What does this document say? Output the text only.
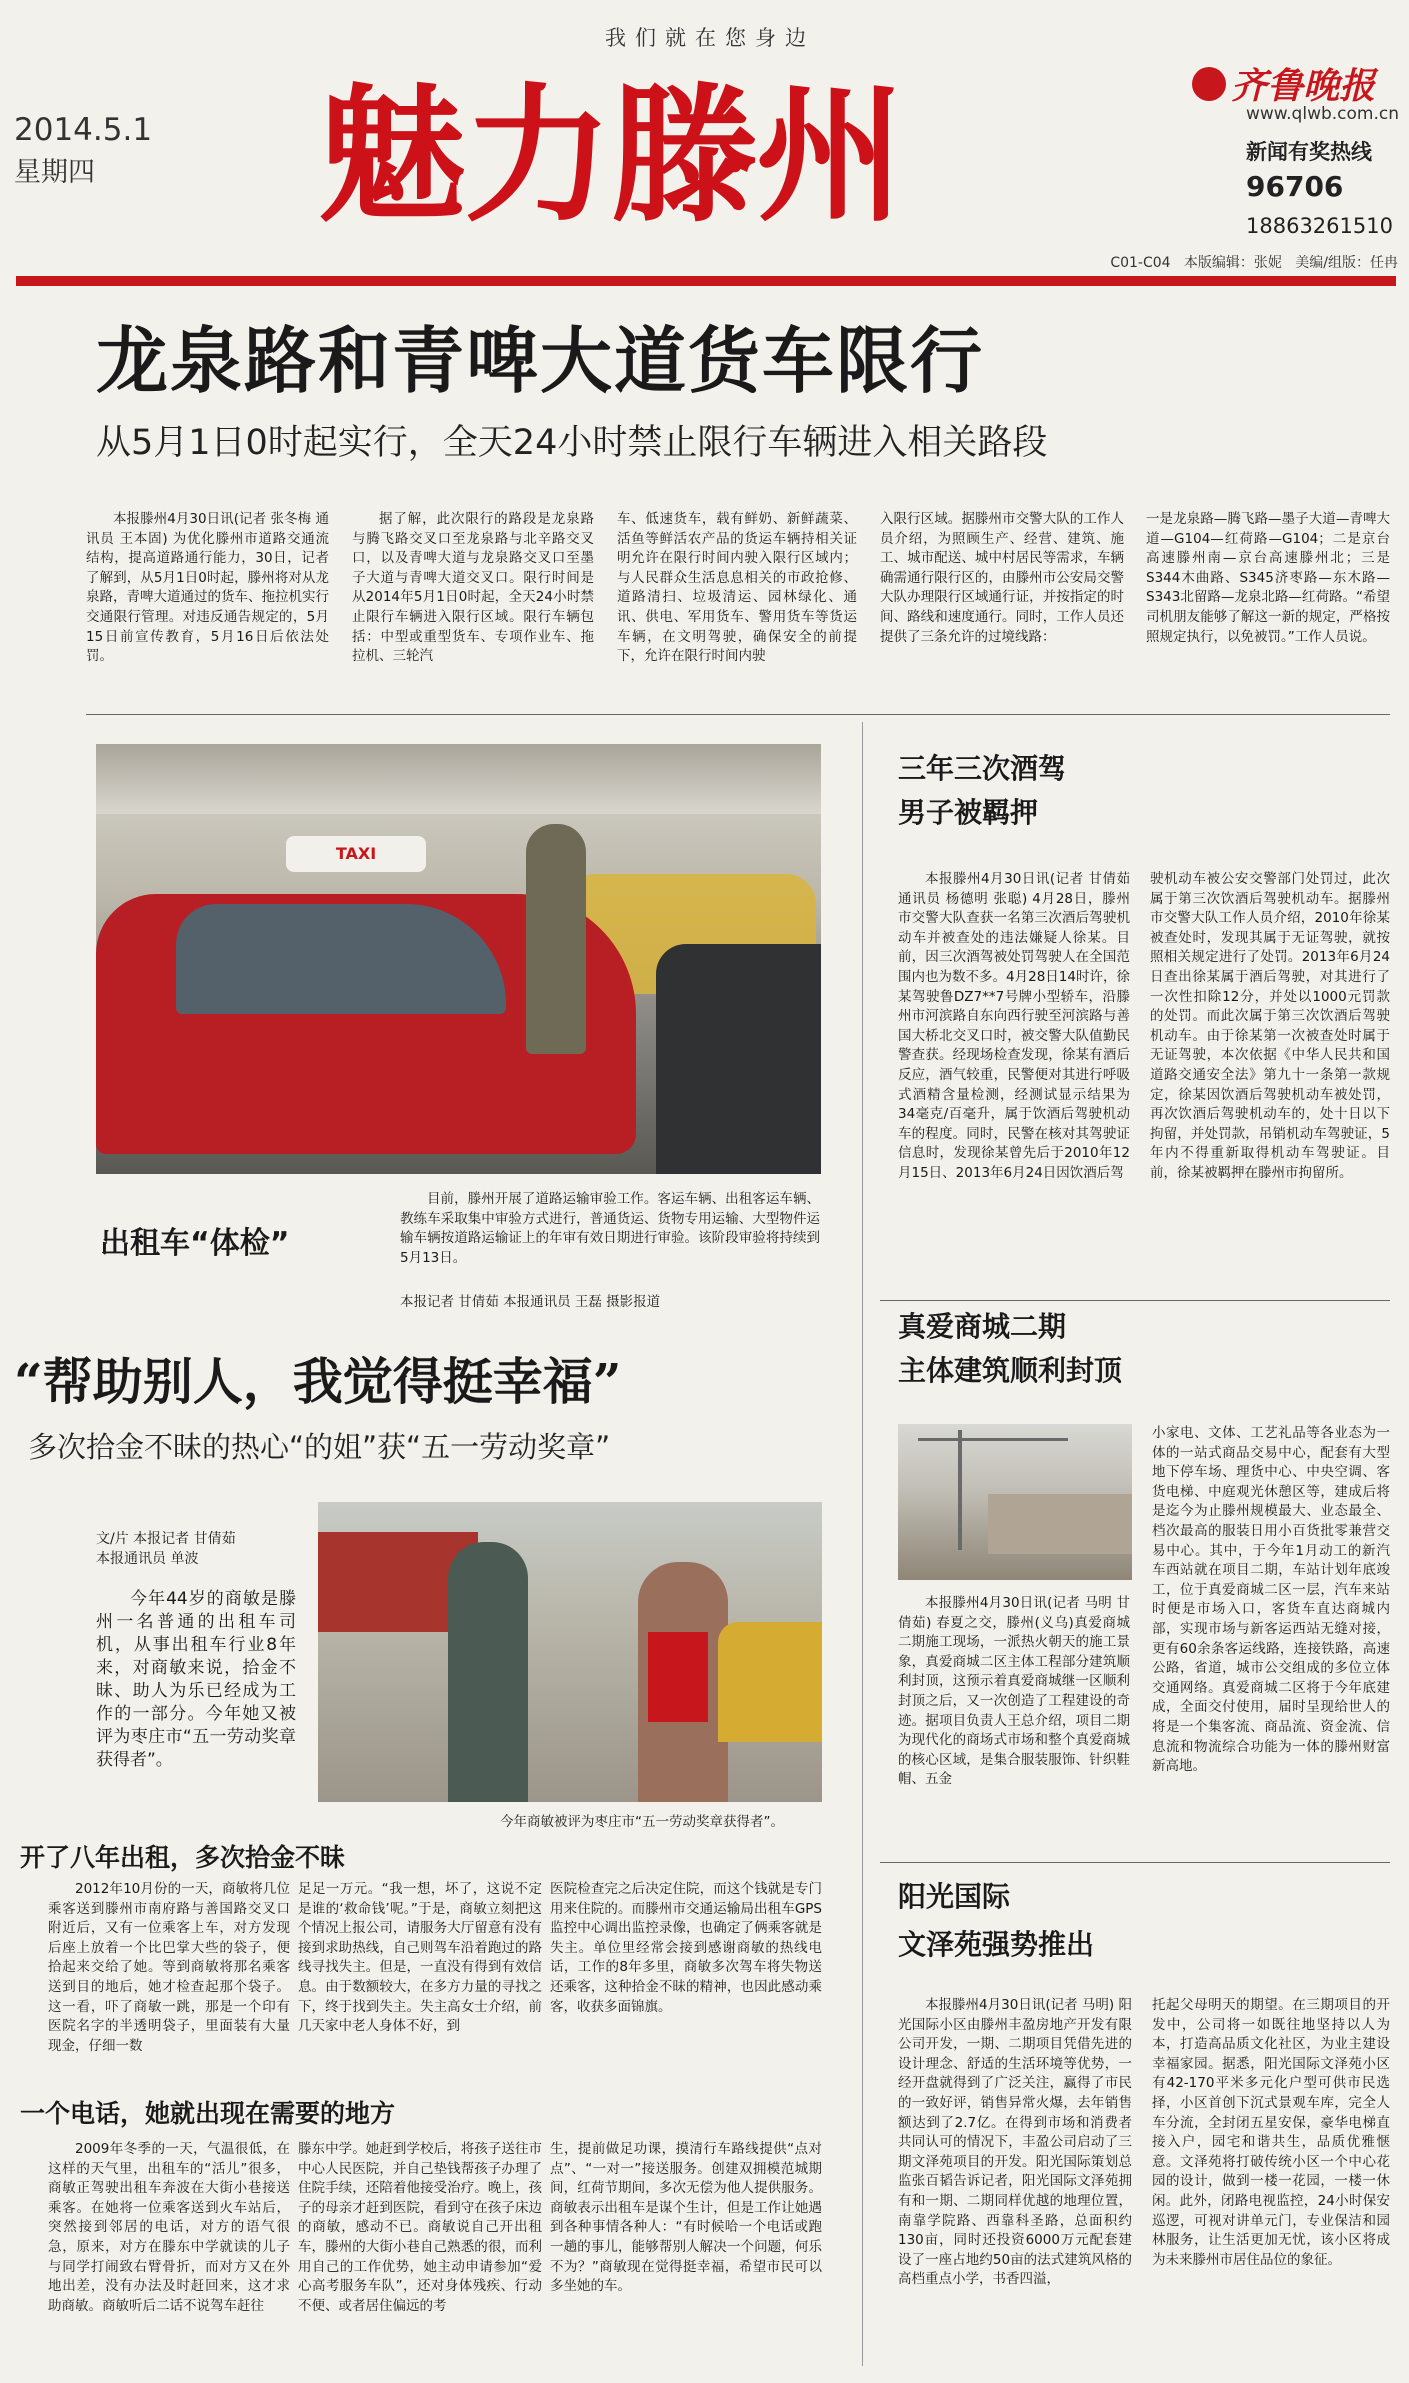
我们就在您身边
2014.5.1
星期四 魅力滕州	齐鲁晚报
www.qlwb.com.cn
新闻有奖热线
96706
18863261510
C01-C04   本版编辑：张妮   美编/组版：任冉
龙泉路和青啤大道货车限行
从5月1日0时起实行，全天24小时禁止限行车辆进入相关路段
本报滕州4月30日讯(记者 张冬梅 通讯员 王本固) 为优化滕州市道路交通流结构，提高道路通行能力，30日，记者了解到，从5月1日0时起，滕州将对从龙泉路，青啤大道通过的货车、拖拉机实行交通限行管理。对违反通告规定的，5月15日前宣传教育，5月16日后依法处罚。
据了解，此次限行的路段是龙泉路与腾飞路交叉口至龙泉路与北辛路交叉口，以及青啤大道与龙泉路交叉口至墨子大道与青啤大道交叉口。限行时间是从2014年5月1日0时起，全天24小时禁止限行车辆进入限行区域。限行车辆包括：中型或重型货车、专项作业车、拖拉机、三轮汽
车、低速货车，载有鲜奶、新鲜蔬菜、活鱼等鲜活农产品的货运车辆持相关证明允许在限行时间内驶入限行区域内；与人民群众生活息息相关的市政抢修、道路清扫、垃圾清运、园林绿化、通讯、供电、军用货车、警用货车等货运车辆，在文明驾驶，确保安全的前提下，允许在限行时间内驶
入限行区域。据滕州市交警大队的工作人员介绍，为照顾生产、经营、建筑、施工、城市配送、城中村居民等需求，车辆确需通行限行区的，由滕州市公安局交警大队办理限行区域通行证，并按指定的时间、路线和速度通行。同时，工作人员还提供了三条允许的过境线路：
一是龙泉路—腾飞路—墨子大道—青啤大道—G104—红荷路—G104；二是京台高速滕州南—京台高速滕州北；三是S344木曲路、S345济枣路—东木路—S343北留路—龙泉北路—红荷路。“希望司机朋友能够了解这一新的规定，严格按照规定执行，以免被罚。”工作人员说。
TAXI
出租车“体检”
目前，滕州开展了道路运输审验工作。客运车辆、出租客运车辆、教练车采取集中审验方式进行，普通货运、货物专用运输、大型物件运输车辆按道路运输证上的年审有效日期进行审验。该阶段审验将持续到5月13日。
本报记者 甘倩茹 本报通讯员 王磊 摄影报道
三年三次酒驾
男子被羁押
本报滕州4月30日讯(记者 甘倩茹 通讯员 杨德明 张聪) 4月28日，滕州市交警大队查获一名第三次酒后驾驶机动车并被查处的违法嫌疑人徐某。目前，因三次酒驾被处罚驾驶人在全国范围内也为数不多。4月28日14时许，徐某驾驶鲁DZ7**7号牌小型轿车，沿滕州市河滨路自东向西行驶至河滨路与善国大桥北交叉口时，被交警大队值勤民警查获。经现场检查发现，徐某有酒后反应，酒气较重，民警便对其进行呼吸式酒精含量检测，经测试显示结果为34毫克/百毫升，属于饮酒后驾驶机动车的程度。同时，民警在核对其驾驶证信息时，发现徐某曾先后于2010年12月15日、2013年6月24日因饮酒后驾
驶机动车被公安交警部门处罚过，此次属于第三次饮酒后驾驶机动车。据滕州市交警大队工作人员介绍，2010年徐某被查处时，发现其属于无证驾驶，就按照相关规定进行了处罚。2013年6月24日查出徐某属于酒后驾驶，对其进行了一次性扣除12分，并处以1000元罚款的处罚。而此次属于第三次饮酒后驾驶机动车。由于徐某第一次被查处时属于无证驾驶，本次依据《中华人民共和国道路交通安全法》第九十一条第一款规定，徐某因饮酒后驾驶机动车被处罚，再次饮酒后驾驶机动车的，处十日以下拘留，并处罚款，吊销机动车驾驶证，5年内不得重新取得机动车驾驶证。目前，徐某被羁押在滕州市拘留所。
“帮助别人，我觉得挺幸福”
多次拾金不昧的热心“的姐”获“五一劳动奖章”
文/片 本报记者 甘倩茹
本报通讯员 单波
今年44岁的商敏是滕州一名普通的出租车司机，从事出租车行业8年来，对商敏来说，拾金不昧、助人为乐已经成为工作的一部分。今年她又被评为枣庄市“五一劳动奖章获得者”。
今年商敏被评为枣庄市“五一劳动奖章获得者”。
开了八年出租，多次拾金不昧
2012年10月份的一天，商敏将几位乘客送到滕州市南府路与善国路交叉口附近后，又有一位乘客上车，对方发现后座上放着一个比巴掌大些的袋子，便拾起来交给了她。等到商敏将那名乘客送到目的地后，她才检查起那个袋子。这一看，吓了商敏一跳，那是一个印有医院名字的半透明袋子，里面装有大量现金，仔细一数
足足一万元。“我一想，坏了，这说不定是谁的‘救命钱’呢。”于是，商敏立刻把这个情况上报公司，请服务大厅留意有没有接到求助热线，自己则驾车沿着跑过的路线寻找失主。但是，一直没有得到有效信息。由于数额较大，在多方力量的寻找之下，终于找到失主。失主高女士介绍，前几天家中老人身体不好，到
医院检查完之后决定住院，而这个钱就是专门用来住院的。而滕州市交通运输局出租车GPS监控中心调出监控录像，也确定了俩乘客就是失主。单位里经常会接到感谢商敏的热线电话，工作的8年多里，商敏多次驾车将失物送还乘客，这种拾金不昧的精神，也因此感动乘客，收获多面锦旗。
一个电话，她就出现在需要的地方
2009年冬季的一天，气温很低，在这样的天气里，出租车的“活儿”很多，商敏正驾驶出租车奔波在大街小巷接送乘客。在她将一位乘客送到火车站后，突然接到邻居的电话，对方的语气很急，原来，对方在滕东中学就读的儿子与同学打闹致右臂骨折，而对方又在外地出差，没有办法及时赶回来，这才求助商敏。商敏听后二话不说驾车赶往
滕东中学。她赶到学校后，将孩子送往市中心人民医院，并自己垫钱帮孩子办理了住院手续，还陪着他接受治疗。晚上，孩子的母亲才赶到医院，看到守在孩子床边的商敏，感动不已。商敏说自己开出租车，滕州的大街小巷自己熟悉的很，而利用自己的工作优势，她主动申请参加“爱心高考服务车队”，还对身体残疾、行动不便、或者居住偏远的考
生，提前做足功课，摸清行车路线提供“点对点”、“一对一”接送服务。创建双拥模范城期间，红荷节期间，多次无偿为他人提供服务。商敏表示出租车是谋个生计，但是工作让她遇到各种事情各种人：“有时候哈一个电话或跑一趟的事儿，能够帮别人解决一个问题，何乐不为？”商敏现在觉得挺幸福，希望市民可以多坐她的车。
真爱商城二期
主体建筑顺利封顶
小家电、文体、工艺礼品等各业态为一体的一站式商品交易中心，配套有大型地下停车场、理货中心、中央空调、客货电梯、中庭观光休憩区等，建成后将是迄今为止滕州规模最大、业态最全、档次最高的服装日用小百货批零兼营交易中心。其中，于今年1月动工的新汽车西站就在项目二期，车站计划年底竣工，位于真爱商城二区一层，汽车来站时便是市场入口，客货车直达商城内部，实现市场与新客运西站无缝对接，更有60余条客运线路，连接铁路，高速公路，省道，城市公交组成的多位立体交通网络。真爱商城二区将于今年底建成，全面交付使用，届时呈现给世人的将是一个集客流、商品流、资金流、信息流和物流综合功能为一体的滕州财富新高地。
本报滕州4月30日讯(记者 马明 甘倩茹) 春夏之交，滕州(义乌)真爱商城二期施工现场，一派热火朝天的施工景象，真爱商城二区主体工程部分建筑顺利封顶，这预示着真爱商城继一区顺利封顶之后，又一次创造了工程建设的奇迹。据项目负责人王总介绍，项目二期为现代化的商场式市场和整个真爱商城的核心区域，是集合服装服饰、针织鞋帽、五金
阳光国际
文泽苑强势推出
本报滕州4月30日讯(记者 马明) 阳光国际小区由滕州丰盈房地产开发有限公司开发，一期、二期项目凭借先进的设计理念、舒适的生活环境等优势，一经开盘就得到了广泛关注，赢得了市民的一致好评，销售异常火爆，去年销售额达到了2.7亿。在得到市场和消费者共同认可的情况下，丰盈公司启动了三期文泽苑项目的开发。阳光国际策划总监张百韬告诉记者，阳光国际文泽苑拥有和一期、二期同样优越的地理位置，南靠学院路、西靠科圣路，总面积约130亩，同时还投资6000万元配套建设了一座占地约50亩的法式建筑风格的高档重点小学，书香四溢，
托起父母明天的期望。在三期项目的开发中，公司将一如既往地坚持以人为本，打造高品质文化社区，为业主建设幸福家园。据悉，阳光国际文泽苑小区有42-170平米多元化户型可供市民选择，小区首创下沉式景观车库，完全人车分流，全封闭五星安保，豪华电梯直接入户，园宅和谐共生，品质优雅惬意。文泽苑将打破传统小区一个中心花园的设计，做到一楼一花园，一楼一休闲。此外，闭路电视监控，24小时保安巡逻，可视对讲单元门，专业保洁和园林服务，让生活更加无忧，该小区将成为未来滕州市居住品位的象征。
